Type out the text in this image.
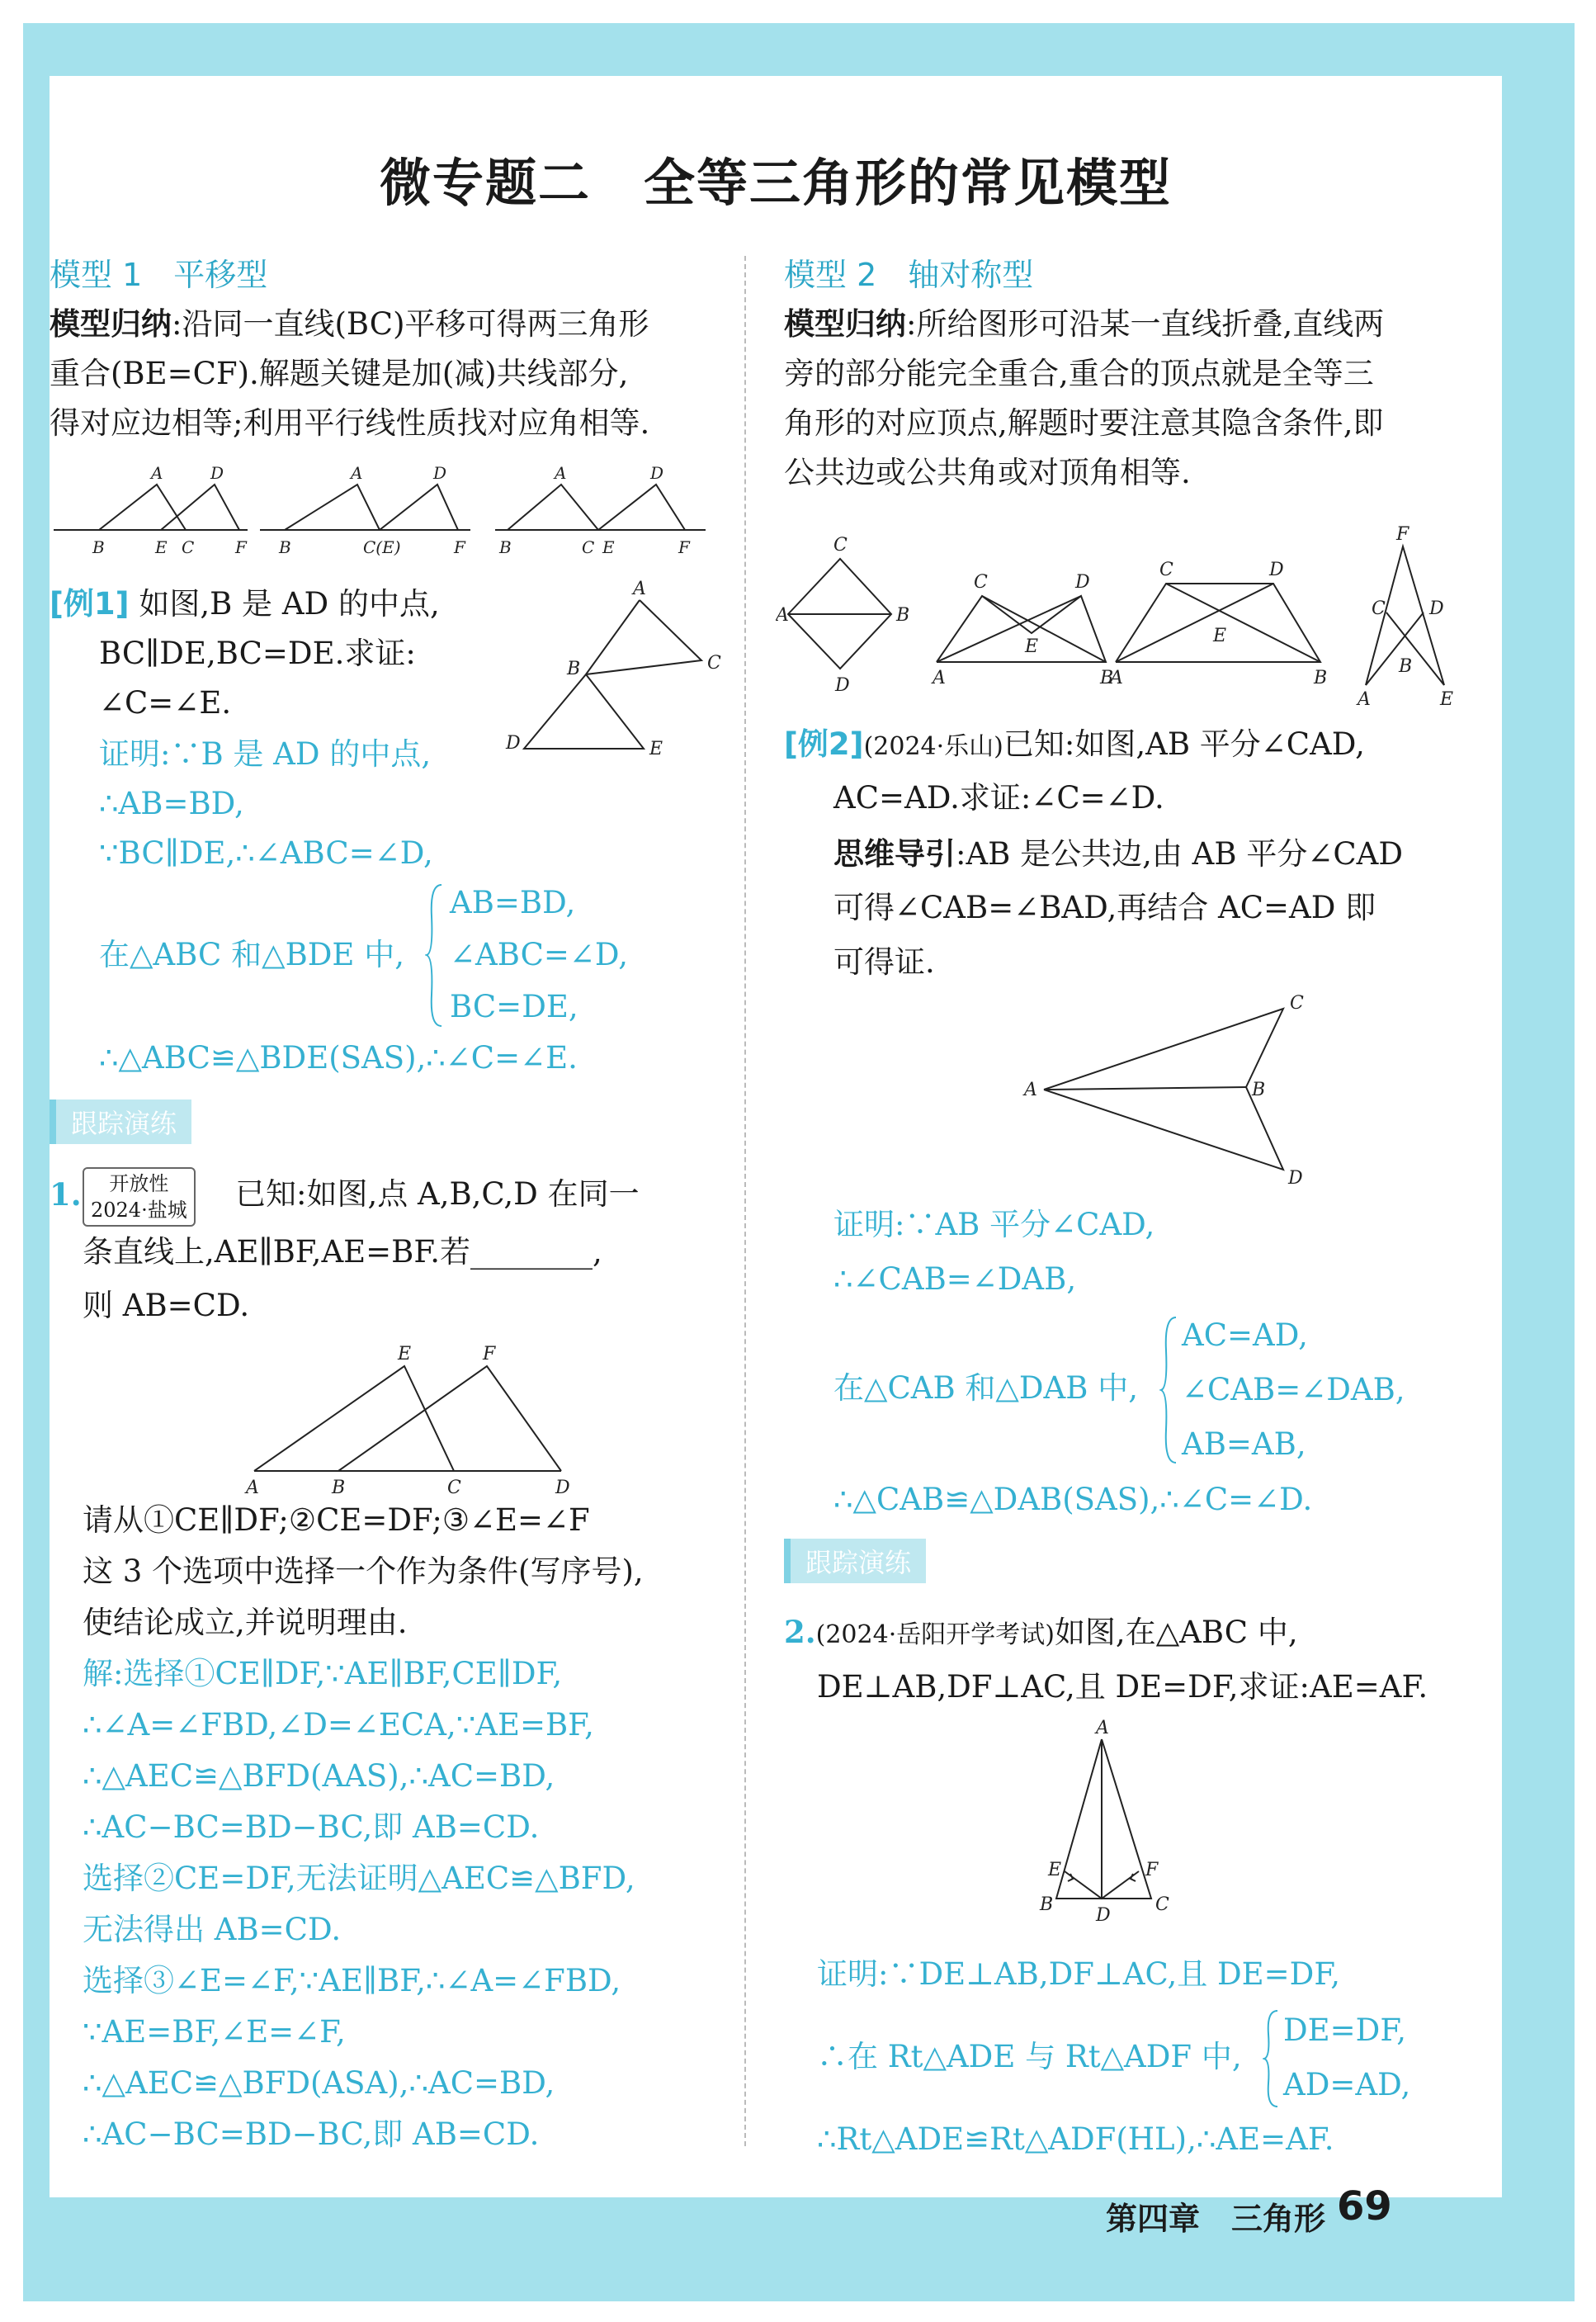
微专题二　全等三角形的常见模型
模型 1　平移型
模型归纳:沿同一直线(BC)平移可得两三角形
重合(BE=CF).解题关键是加(减)共线部分,
得对应边相等;利用平行线性质找对应角相等.
A	D
B	E C F
A	D
B	C(E)	F
A	D
B	C E	F
[例1] 如图,B 是 AD 的中点,
BC∥DE,BC=DE.求证:
∠C=∠E.
A
B	C
D	E
证明:∵B 是 AD 的中点,
∴AB=BD,
∵BC∥DE,∴∠ABC=∠D,
在△ABC 和△BDE 中,
AB=BD,
∠ABC=∠D,
BC=DE,
∴△ABC≌△BDE(SAS),∴∠C=∠E.
跟踪演练
1.	开放性
2024·盐城 已知:如图,点 A,B,C,D 在同一
条直线上,AE∥BF,AE=BF.若________,
则 AB=CD.
E	F
A	B	C	D
请从①CE∥DF;②CE=DF;③∠E=∠F
这 3 个选项中选择一个作为条件(写序号),
使结论成立,并说明理由.
解:选择①CE∥DF,∵AE∥BF,CE∥DF,
∴∠A=∠FBD,∠D=∠ECA,∵AE=BF,
∴△AEC≌△BFD(AAS),∴AC=BD,
∴AC−BC=BD−BC,即 AB=CD.
选择②CE=DF,无法证明△AEC≌△BFD,
无法得出 AB=CD.
选择③∠E=∠F,∵AE∥BF,∴∠A=∠FBD,
∵AE=BF,∠E=∠F,
∴△AEC≌△BFD(ASA),∴AC=BD,
∴AC−BC=BD−BC,即 AB=CD.
模型 2　轴对称型
模型归纳:所给图形可沿某一直线折叠,直线两
旁的部分能完全重合,重合的顶点就是全等三
角形的对应顶点,解题时要注意其隐含条件,即
公共边或公共角或对顶角相等.
C
A	B
D
C	D
E
A	B
C	D
E
A	B
F
C D
B
A	E
[例2](2024·乐山)已知:如图,AB 平分∠CAD,
AC=AD.求证:∠C=∠D.
思维导引:AB 是公共边,由 AB 平分∠CAD
可得∠CAB=∠BAD,再结合 AC=AD 即
可得证.
C
A	B
D
证明:∵AB 平分∠CAD,
∴∠CAB=∠DAB,
在△CAB 和△DAB 中,
AC=AD,
∠CAB=∠DAB,
AB=AB,
∴△CAB≌△DAB(SAS),∴∠C=∠D.
跟踪演练
2.(2024·岳阳开学考试)如图,在△ABC 中,
DE⊥AB,DF⊥AC,且 DE=DF,求证:AE=AF.
A
E	F
B
D
C
证明:∵DE⊥AB,DF⊥AC,且 DE=DF,
∴在 Rt△ADE 与 Rt△ADF 中,
DE=DF,
AD=AD,
∴Rt△ADE≌Rt△ADF(HL),∴AE=AF.
第四章　三角形 69
